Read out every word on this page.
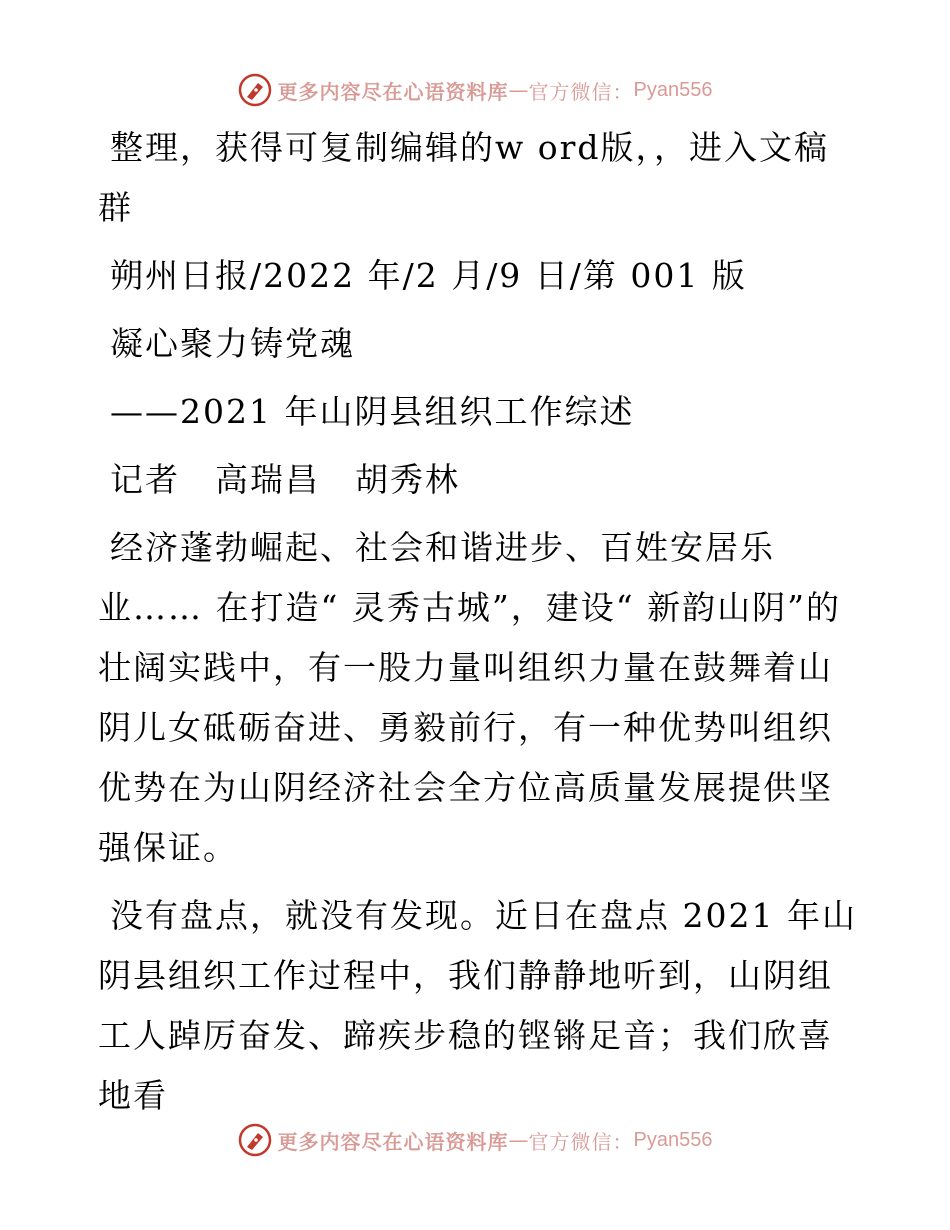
更多内容尽在心语资料库 — 官方微信： Pyan556

整理，获得可复制编辑的w ord版，，进入文稿群

朔州日报/2022 年/2 月/9 日/第 001 版

凝心聚力铸党魂

——2021 年山阴县组织工作综述

记者　高瑞昌　胡秀林

经济蓬勃崛起、社会和谐进步、百姓安居乐业…… 在打造“ 灵秀古城”，建设“ 新韵山阴”的壮阔实践中，有一股力量叫组织力量在鼓舞着山阴儿女砥砺奋进、勇毅前行，有一种优势叫组织优势在为山阴经济社会全方位高质量发展提供坚强保证。

没有盘点，就没有发现。近日在盘点 2021 年山阴县组织工作过程中，我们静静地听到，山阴组工人踔厉奋发、蹄疾步稳的铿锵足音；我们欣喜地看

更多内容尽在心语资料库 — 官方微信： Pyan556
